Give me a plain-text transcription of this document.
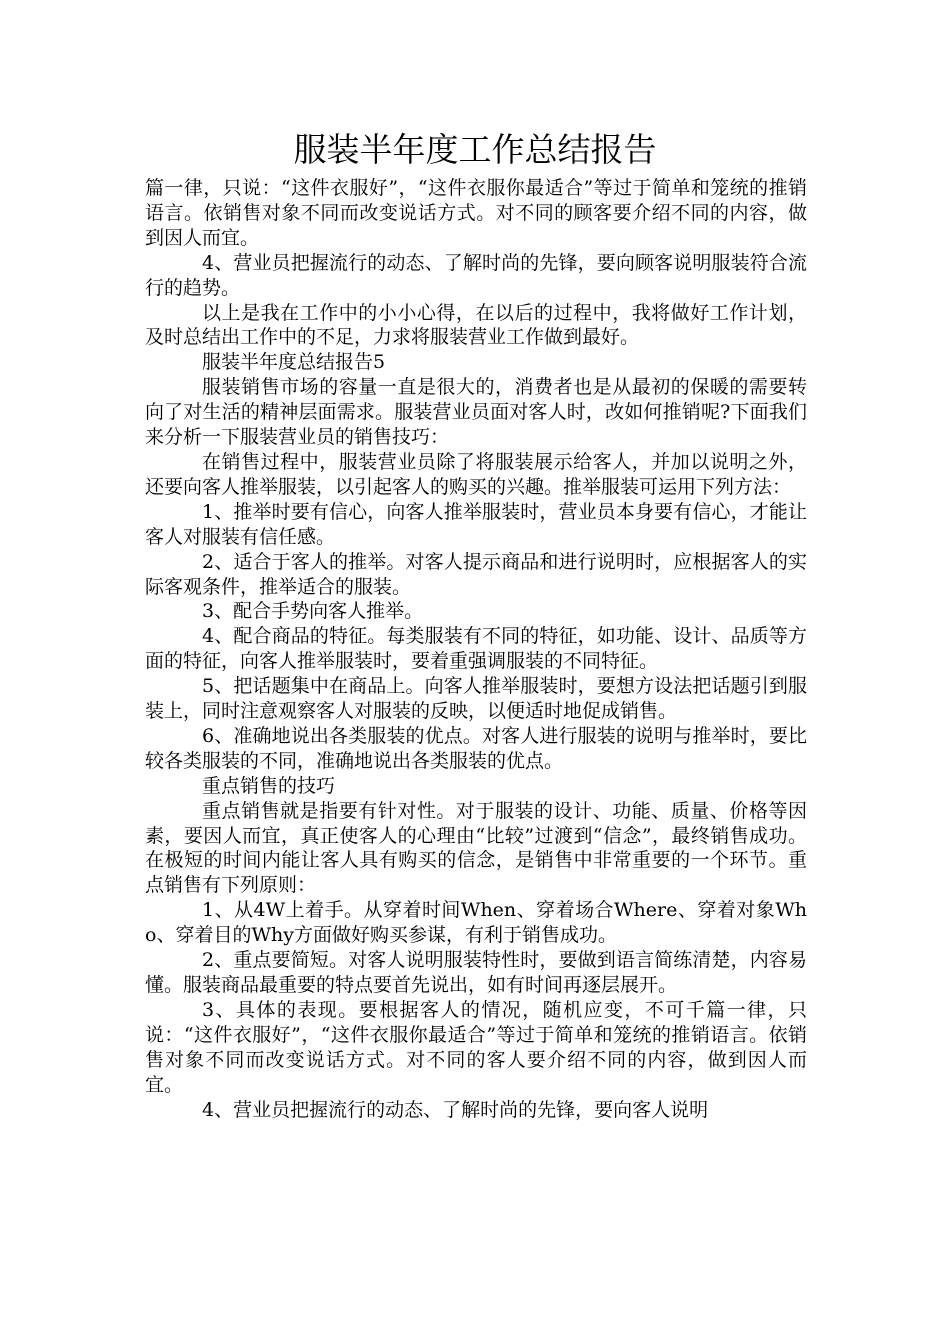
服装半年度工作总结报告

篇一律，只说：“这件衣服好”，“这件衣服你最适合”等过于简单和笼统的推销语言。依销售对象不同而改变说话方式。对不同的顾客要介绍不同的内容，做到因人而宜。

4、营业员把握流行的动态、了解时尚的先锋，要向顾客说明服装符合流行的趋势。

以上是我在工作中的小小心得，在以后的过程中，我将做好工作计划，及时总结出工作中的不足，力求将服装营业工作做到最好。

服装半年度总结报告5

服装销售市场的容量一直是很大的，消费者也是从最初的保暖的需要转向了对生活的精神层面需求。服装营业员面对客人时，改如何推销呢?下面我们来分析一下服装营业员的销售技巧：

在销售过程中，服装营业员除了将服装展示给客人，并加以说明之外，还要向客人推举服装，以引起客人的购买的兴趣。推举服装可运用下列方法：

1、推举时要有信心，向客人推举服装时，营业员本身要有信心，才能让客人对服装有信任感。

2、适合于客人的推举。对客人提示商品和进行说明时，应根据客人的实际客观条件，推举适合的服装。

3、配合手势向客人推举。

4、配合商品的特征。每类服装有不同的特征，如功能、设计、品质等方面的特征，向客人推举服装时，要着重强调服装的不同特征。

5、把话题集中在商品上。向客人推举服装时，要想方设法把话题引到服装上，同时注意观察客人对服装的反映，以便适时地促成销售。

6、准确地说出各类服装的优点。对客人进行服装的说明与推举时，要比较各类服装的不同，准确地说出各类服装的优点。

重点销售的技巧

重点销售就是指要有针对性。对于服装的设计、功能、质量、价格等因素，要因人而宜，真正使客人的心理由“比较”过渡到“信念”，最终销售成功。在极短的时间内能让客人具有购买的信念，是销售中非常重要的一个环节。重点销售有下列原则：

1、从4W上着手。从穿着时间When、穿着场合Where、穿着对象Who、穿着目的Why方面做好购买参谋，有利于销售成功。

2、重点要简短。对客人说明服装特性时，要做到语言简练清楚，内容易懂。服装商品最重要的特点要首先说出，如有时间再逐层展开。

3、具体的表现。要根据客人的情况，随机应变，不可千篇一律，只说：“这件衣服好”，“这件衣服你最适合”等过于简单和笼统的推销语言。依销售对象不同而改变说话方式。对不同的客人要介绍不同的内容，做到因人而宜。

4、营业员把握流行的动态、了解时尚的先锋，要向客人说明
